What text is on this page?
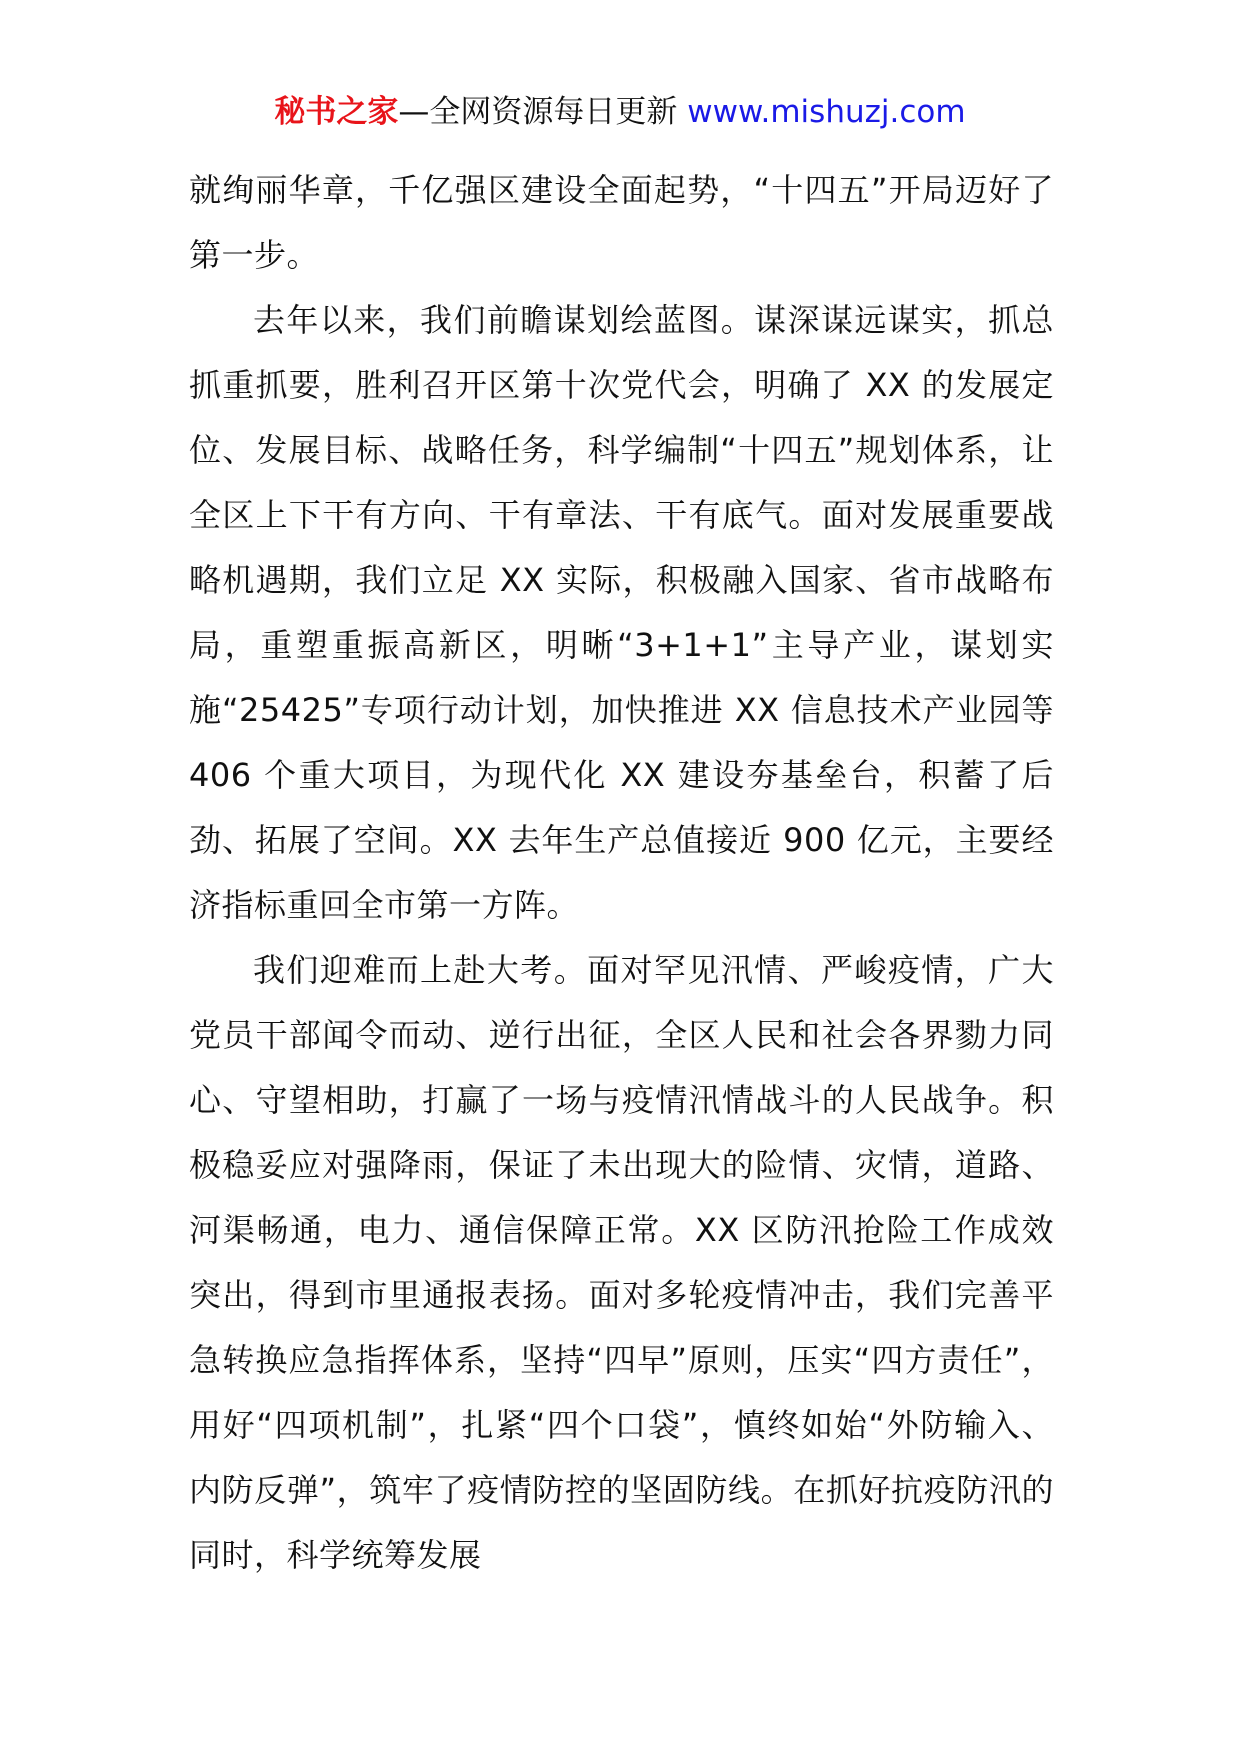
秘书之家—全网资源每日更新 www.mishuzj.com

就绚丽华章，千亿强区建设全面起势，“十四五”开局迈好了第一步。

去年以来，我们前瞻谋划绘蓝图。谋深谋远谋实，抓总抓重抓要，胜利召开区第十次党代会，明确了 XX 的发展定位、发展目标、战略任务，科学编制“十四五”规划体系，让全区上下干有方向、干有章法、干有底气。面对发展重要战略机遇期，我们立足 XX 实际，积极融入国家、省市战略布局，重塑重振高新区，明晰“3+1+1”主导产业，谋划实施“25425”专项行动计划，加快推进 XX 信息技术产业园等 406 个重大项目，为现代化 XX 建设夯基垒台，积蓄了后劲、拓展了空间。XX 去年生产总值接近 900 亿元，主要经济指标重回全市第一方阵。

我们迎难而上赴大考。面对罕见汛情、严峻疫情，广大党员干部闻令而动、逆行出征，全区人民和社会各界勠力同心、守望相助，打赢了一场与疫情汛情战斗的人民战争。积极稳妥应对强降雨，保证了未出现大的险情、灾情，道路、河渠畅通，电力、通信保障正常。XX 区防汛抢险工作成效突出，得到市里通报表扬。面对多轮疫情冲击，我们完善平急转换应急指挥体系，坚持“四早”原则，压实“四方责任”，用好“四项机制”，扎紧“四个口袋”，慎终如始“外防输入、内防反弹”，筑牢了疫情防控的坚固防线。在抓好抗疫防汛的同时，科学统筹发展
